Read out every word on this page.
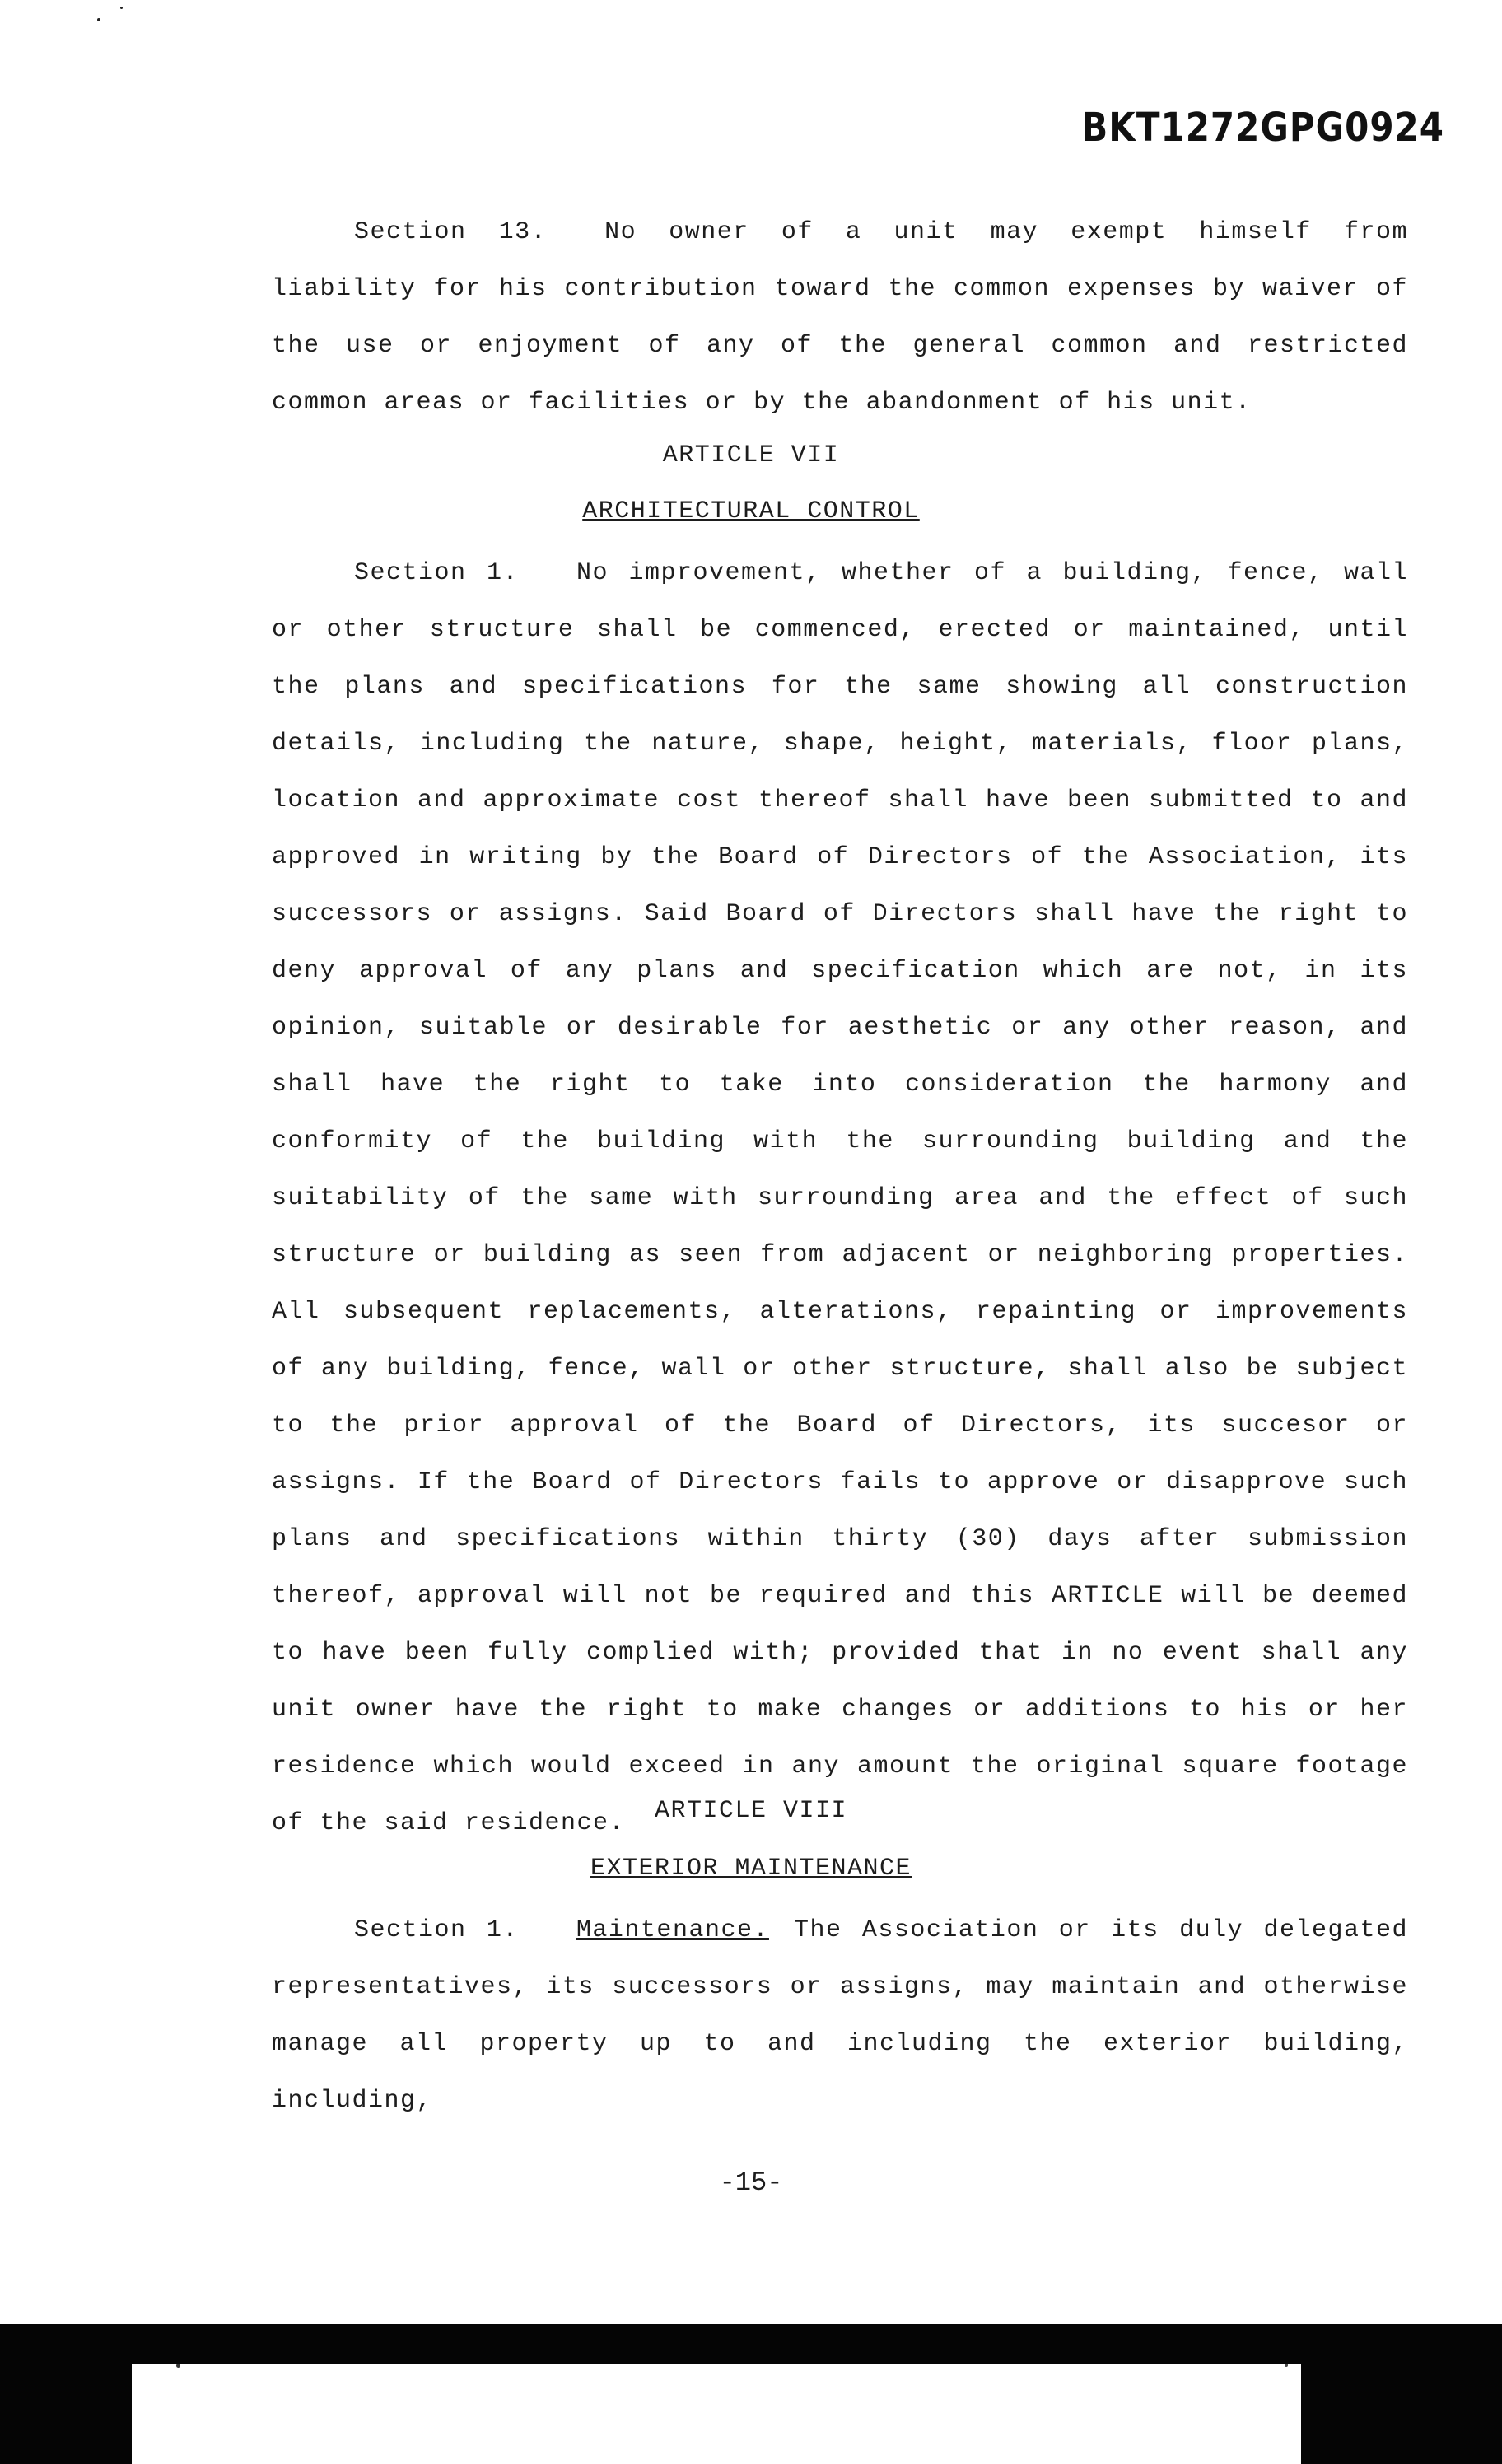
BKT1272GPG0924

Section 13. No owner of a unit may exempt himself from liability for his contribution toward the common expenses by waiver of the use or enjoyment of any of the general common and restricted common areas or facilities or by the abandonment of his unit.

ARTICLE VII
ARCHITECTURAL CONTROL

Section 1. No improvement, whether of a building, fence, wall or other structure shall be commenced, erected or maintained, until the plans and specifications for the same showing all construction details, including the nature, shape, height, materials, floor plans, location and approximate cost thereof shall have been submitted to and approved in writing by the Board of Directors of the Association, its successors or assigns. Said Board of Directors shall have the right to deny approval of any plans and specification which are not, in its opinion, suitable or desirable for aesthetic or any other reason, and shall have the right to take into consideration the harmony and conformity of the building with the surrounding building and the suitability of the same with surrounding area and the effect of such structure or building as seen from adjacent or neighboring properties. All subsequent replacements, alterations, repainting or improvements of any building, fence, wall or other structure, shall also be subject to the prior approval of the Board of Directors, its succesor or assigns. If the Board of Directors fails to approve or disapprove such plans and specifications within thirty (30) days after submission thereof, approval will not be required and this ARTICLE will be deemed to have been fully complied with; provided that in no event shall any unit owner have the right to make changes or additions to his or her residence which would exceed in any amount the original square footage of the said residence.	ARTICLE VIII
EXTERIOR MAINTENANCE

Section 1. Maintenance. The Association or its duly delegated representatives, its successors or assigns, may maintain and otherwise manage all property up to and including the exterior building, including,

-15-
